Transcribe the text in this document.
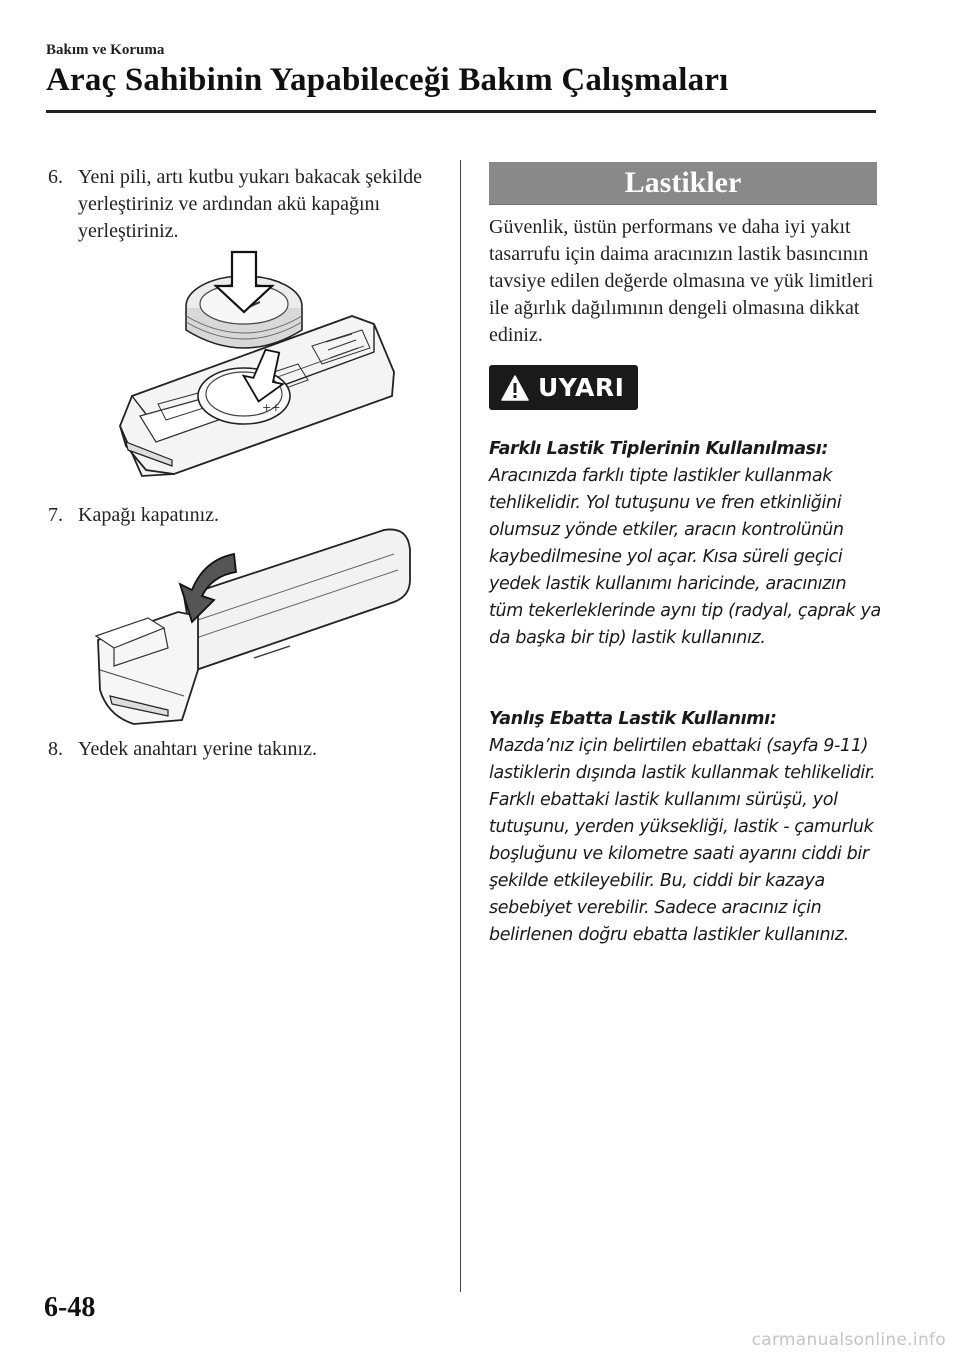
Bakım ve Koruma
Araç Sahibinin Yapabileceği Bakım Çalışmaları
6. Yeni pili, artı kutbu yukarı bakacak şekilde yerleştiriniz ve ardından akü kapağını yerleştiriniz.
++
7. Kapağı kapatınız.
8. Yedek anahtarı yerine takınız.
Lastikler
Güvenlik, üstün performans ve daha iyi yakıt tasarrufu için daima aracınızın lastik basıncının tavsiye edilen değerde olmasına ve yük limitleri ile ağırlık dağılımının dengeli olmasına dikkat ediniz.
UYARI
Farklı Lastik Tiplerinin Kullanılması:
Aracınızda farklı tipte lastikler kullanmak tehlikelidir. Yol tutuşunu ve fren etkinliğini olumsuz yönde etkiler, aracın kontrolünün kaybedilmesine yol açar. Kısa süreli geçici yedek lastik kullanımı haricinde, aracınızın tüm tekerleklerinde aynı tip (radyal, çaprak ya da başka bir tip) lastik kullanınız.
Yanlış Ebatta Lastik Kullanımı:
Mazda’nız için belirtilen ebattaki (sayfa 9-11) lastiklerin dışında lastik kullanmak tehlikelidir. Farklı ebattaki lastik kullanımı sürüşü, yol tutuşunu, yerden yüksekliği, lastik - çamurluk boşluğunu ve kilometre saati ayarını ciddi bir şekilde etkileyebilir. Bu, ciddi bir kazaya sebebiyet verebilir. Sadece aracınız için belirlenen doğru ebatta lastikler kullanınız.
6-48
carmanualsonline.info
